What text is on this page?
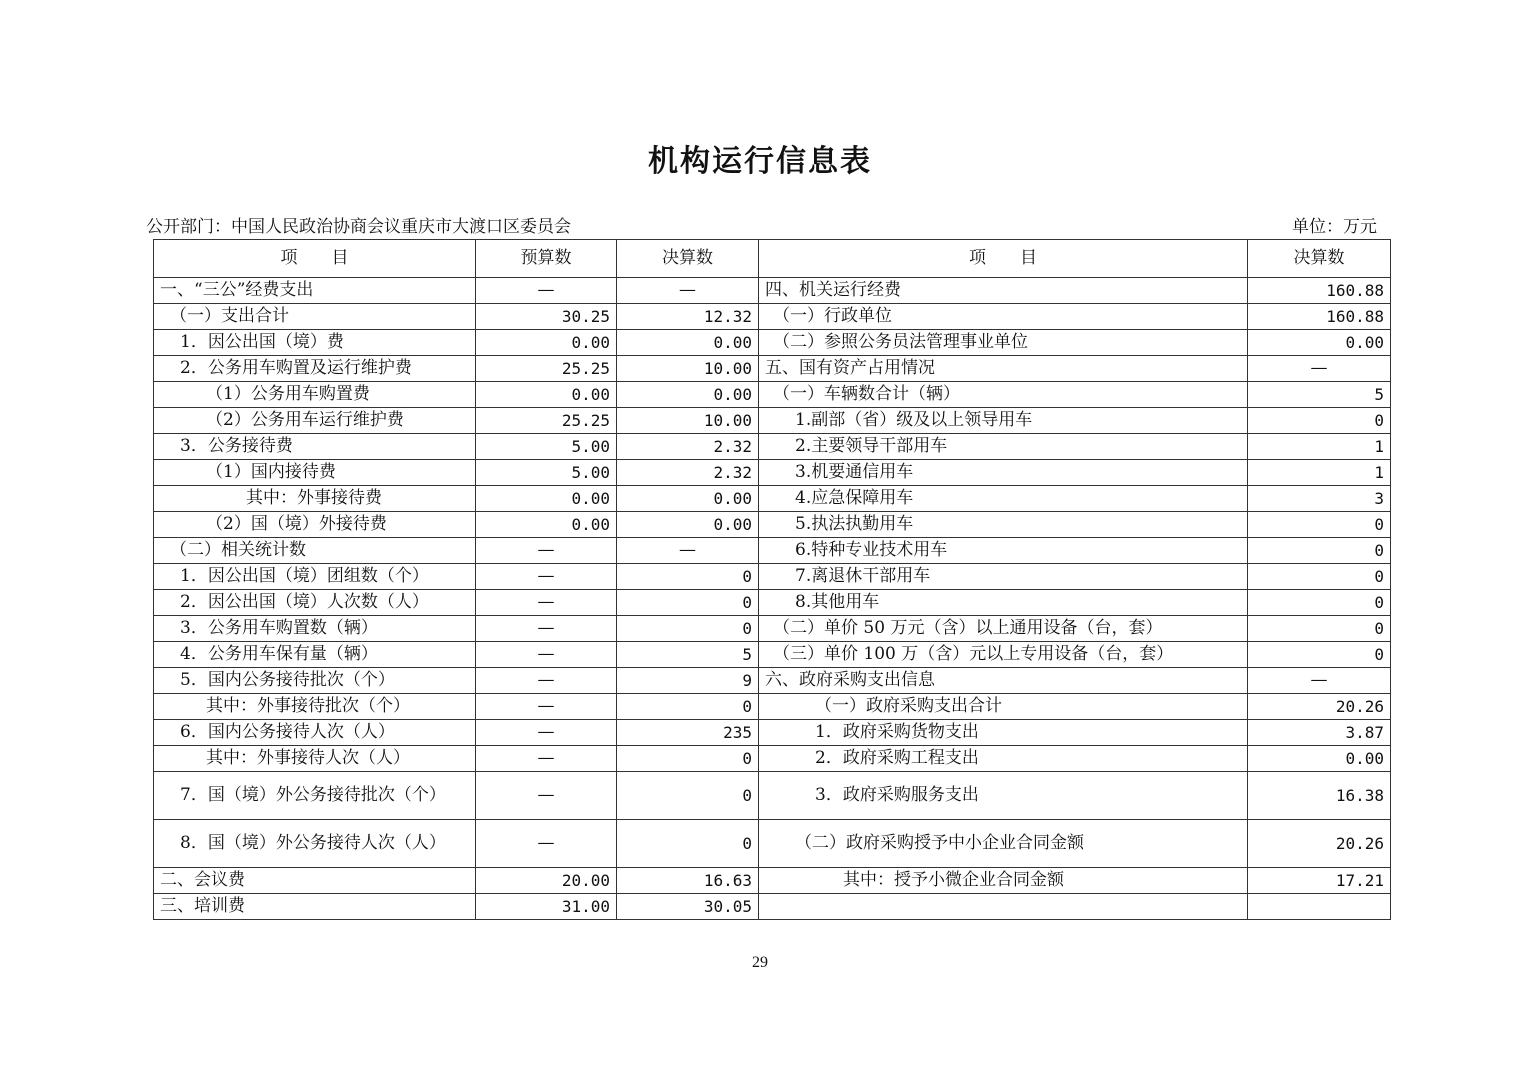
机构运行信息表
公开部门：中国人民政治协商会议重庆市大渡口区委员会	单位：万元
项　　目	预算数	决算数	项　　目	决算数
一、“三公”经费支出	—	—	四、机关运行经费	160.88
（一）支出合计	30.25	12.32	（一）行政单位	160.88
1．因公出国（境）费	0.00	0.00	（二）参照公务员法管理事业单位	0.00
2．公务用车购置及运行维护费	25.25	10.00	五、国有资产占用情况	—
（1）公务用车购置费	0.00	0.00	（一）车辆数合计（辆）	5
（2）公务用车运行维护费	25.25	10.00	1.副部（省）级及以上领导用车	0
3．公务接待费	5.00	2.32	2.主要领导干部用车	1
（1）国内接待费	5.00	2.32	3.机要通信用车	1
其中：外事接待费	0.00	0.00	4.应急保障用车	3
（2）国（境）外接待费	0.00	0.00	5.执法执勤用车	0
（二）相关统计数	—	—	6.特种专业技术用车	0
1．因公出国（境）团组数（个）	—	0	7.离退休干部用车	0
2．因公出国（境）人次数（人）	—	0	8.其他用车	0
3．公务用车购置数（辆）	—	0	（二）单价 50 万元（含）以上通用设备（台，套）	0
4．公务用车保有量（辆）	—	5	（三）单价 100 万（含）元以上专用设备（台，套）	0
5．国内公务接待批次（个）	—	9	六、政府采购支出信息	—
其中：外事接待批次（个）	—	0	（一）政府采购支出合计	20.26
6．国内公务接待人次（人）	—	235	1．政府采购货物支出	3.87
其中：外事接待人次（人）	—	0	2．政府采购工程支出	0.00
7．国（境）外公务接待批次（个）	—	0	3．政府采购服务支出	16.38
8．国（境）外公务接待人次（人）	—	0	（二）政府采购授予中小企业合同金额	20.26
二、会议费	20.00	16.63	其中：授予小微企业合同金额	17.21
三、培训费	31.00	30.05		
29
